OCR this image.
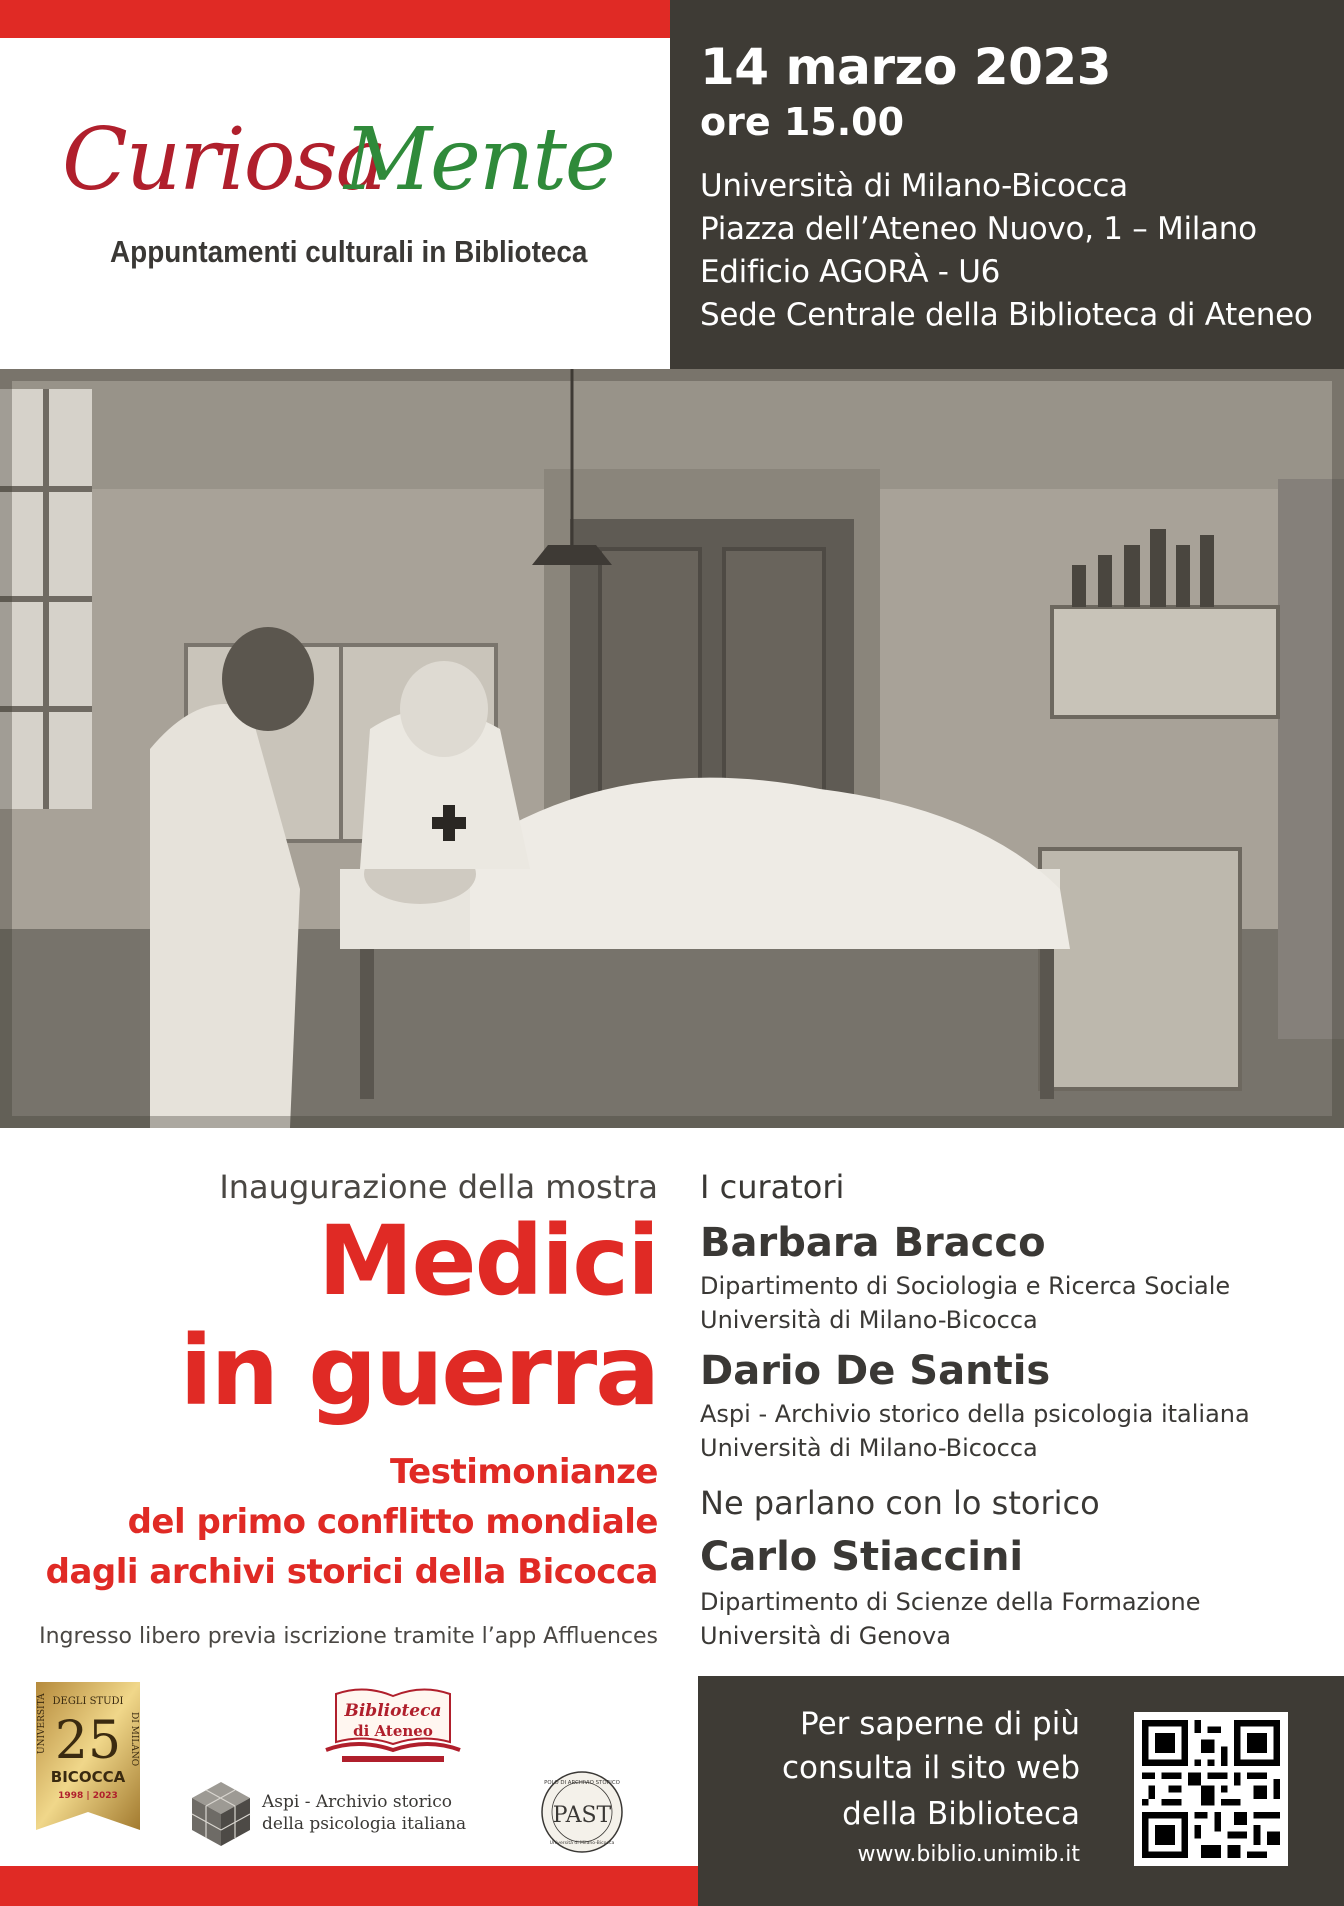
14 marzo 2023
ore 15.00
Università di Milano-Bicocca
Piazza dell’Ateneo Nuovo, 1 – Milano
Edificio AGORÀ - U6
Sede Centrale della Biblioteca di Ateneo
Curiosa
Mente
Appuntamenti culturali in Biblioteca
Inaugurazione della mostra
Medici
in guerra
Testimonianze
del primo conflitto mondiale
dagli archivi storici della Bicocca
Ingresso libero previa iscrizione tramite l’app Affluences
I curatori
Barbara Bracco
Dipartimento di Sociologia e Ricerca Sociale
Università di Milano-Bicocca
Dario De Santis
Aspi - Archivio storico della psicologia italiana
Università di Milano-Bicocca
Ne parlano con lo storico
Carlo Stiaccini
Dipartimento di Scienze della Formazione
Università di Genova
Per saperne di più
consulta il sito web
della Biblioteca
www.biblio.unimib.it
UNIVERSITÀ DEGLI STUDI
DI MILANO
25
BICOCCA
1998 | 2023
Biblioteca
di Ateneo
Aspi - Archivio storico
della psicologia italiana
POLO DI ARCHIVIO STORICO
PAST
Università di Milano-Bicocca
